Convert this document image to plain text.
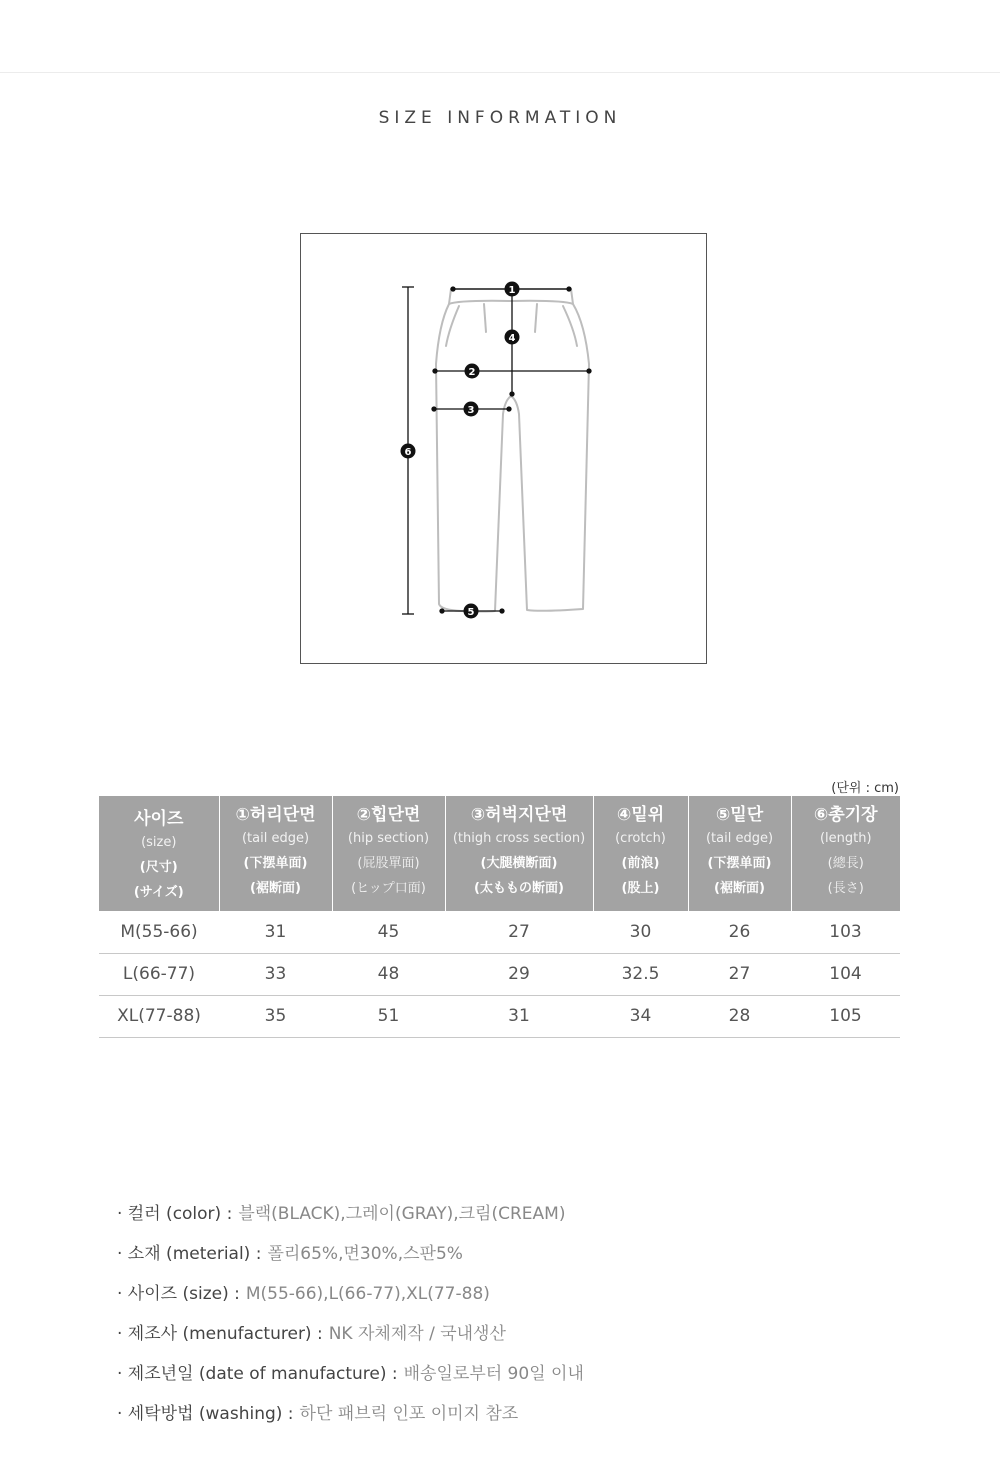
SIZE INFORMATION
1
4
2
3
6
5
(단위 : cm)
사이즈
(size)
(尺寸)
(サイズ)	①허리단면
(tail edge)
(下摆单面)
(裾断面)	②힙단면
(hip section)
(屁股單面)
(ヒップ口面)	③허벅지단면
(thigh cross section)
(大腿横断面)
(太ももの断面)	④밑위
(crotch)
(前浪)
(股上)	⑤밑단
(tail edge)
(下摆单面)
(裾断面)	⑥총기장
(length)
(總長)
(長さ)

M(55-66)	31	45	27	30	26	103
L(66-77)	33	48	29	32.5	27	104
XL(77-88)	35	51	31	34	28	105
· 컬러 (color) : 블랙(BLACK),그레이(GRAY),크림(CREAM)
· 소재 (meterial) : 폴리65%,면30%,스판5%
· 사이즈 (size) : M(55-66),L(66-77),XL(77-88)
· 제조사 (menufacturer) : NK 자체제작 / 국내생산
· 제조년일 (date of manufacture) : 배송일로부터 90일 이내
· 세탁방법 (washing) : 하단 패브릭 인포 이미지 참조
